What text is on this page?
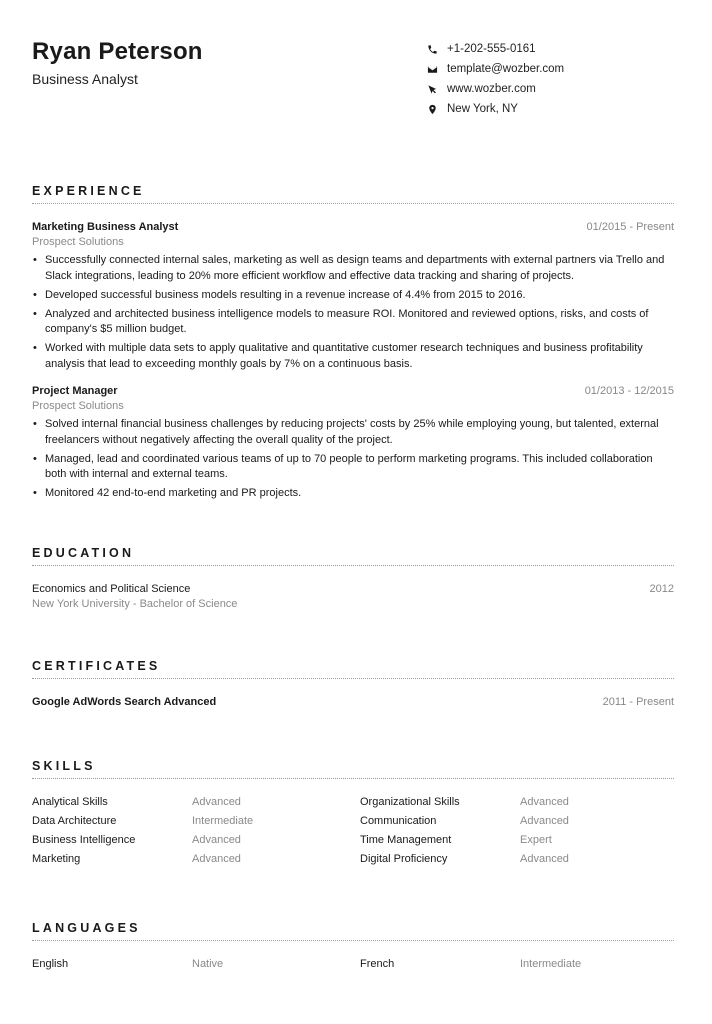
Ryan Peterson
Business Analyst
+1-202-555-0161
template@wozber.com
www.wozber.com
New York, NY
EXPERIENCE
Marketing Business Analyst	01/2015 - Present
Prospect Solutions
• Successfully connected internal sales, marketing as well as design teams and departments with external partners via Trello and Slack integrations, leading to 20% more efficient workflow and effective data tracking and sharing of projects.
• Developed successful business models resulting in a revenue increase of 4.4% from 2015 to 2016.
• Analyzed and architected business intelligence models to measure ROI. Monitored and reviewed options, risks, and costs of company's $5 million budget.
• Worked with multiple data sets to apply qualitative and quantitative customer research techniques and business profitability analysis that lead to exceeding monthly goals by 7% on a continuous basis.
Project Manager	01/2013 - 12/2015
Prospect Solutions
• Solved internal financial business challenges by reducing projects' costs by 25% while employing young, but talented, external freelancers without negatively affecting the overall quality of the project.
• Managed, lead and coordinated various teams of up to 70 people to perform marketing programs. This included collaboration both with internal and external teams.
• Monitored 42 end-to-end marketing and PR projects.
EDUCATION
Economics and Political Science	2012
New York University - Bachelor of Science
CERTIFICATES
Google AdWords Search Advanced	2011 - Present
SKILLS
Analytical Skills	Advanced	Organizational Skills	Advanced
Data Architecture	Intermediate	Communication	Advanced
Business Intelligence	Advanced	Time Management	Expert
Marketing	Advanced	Digital Proficiency	Advanced
LANGUAGES
English	Native	French	Intermediate
